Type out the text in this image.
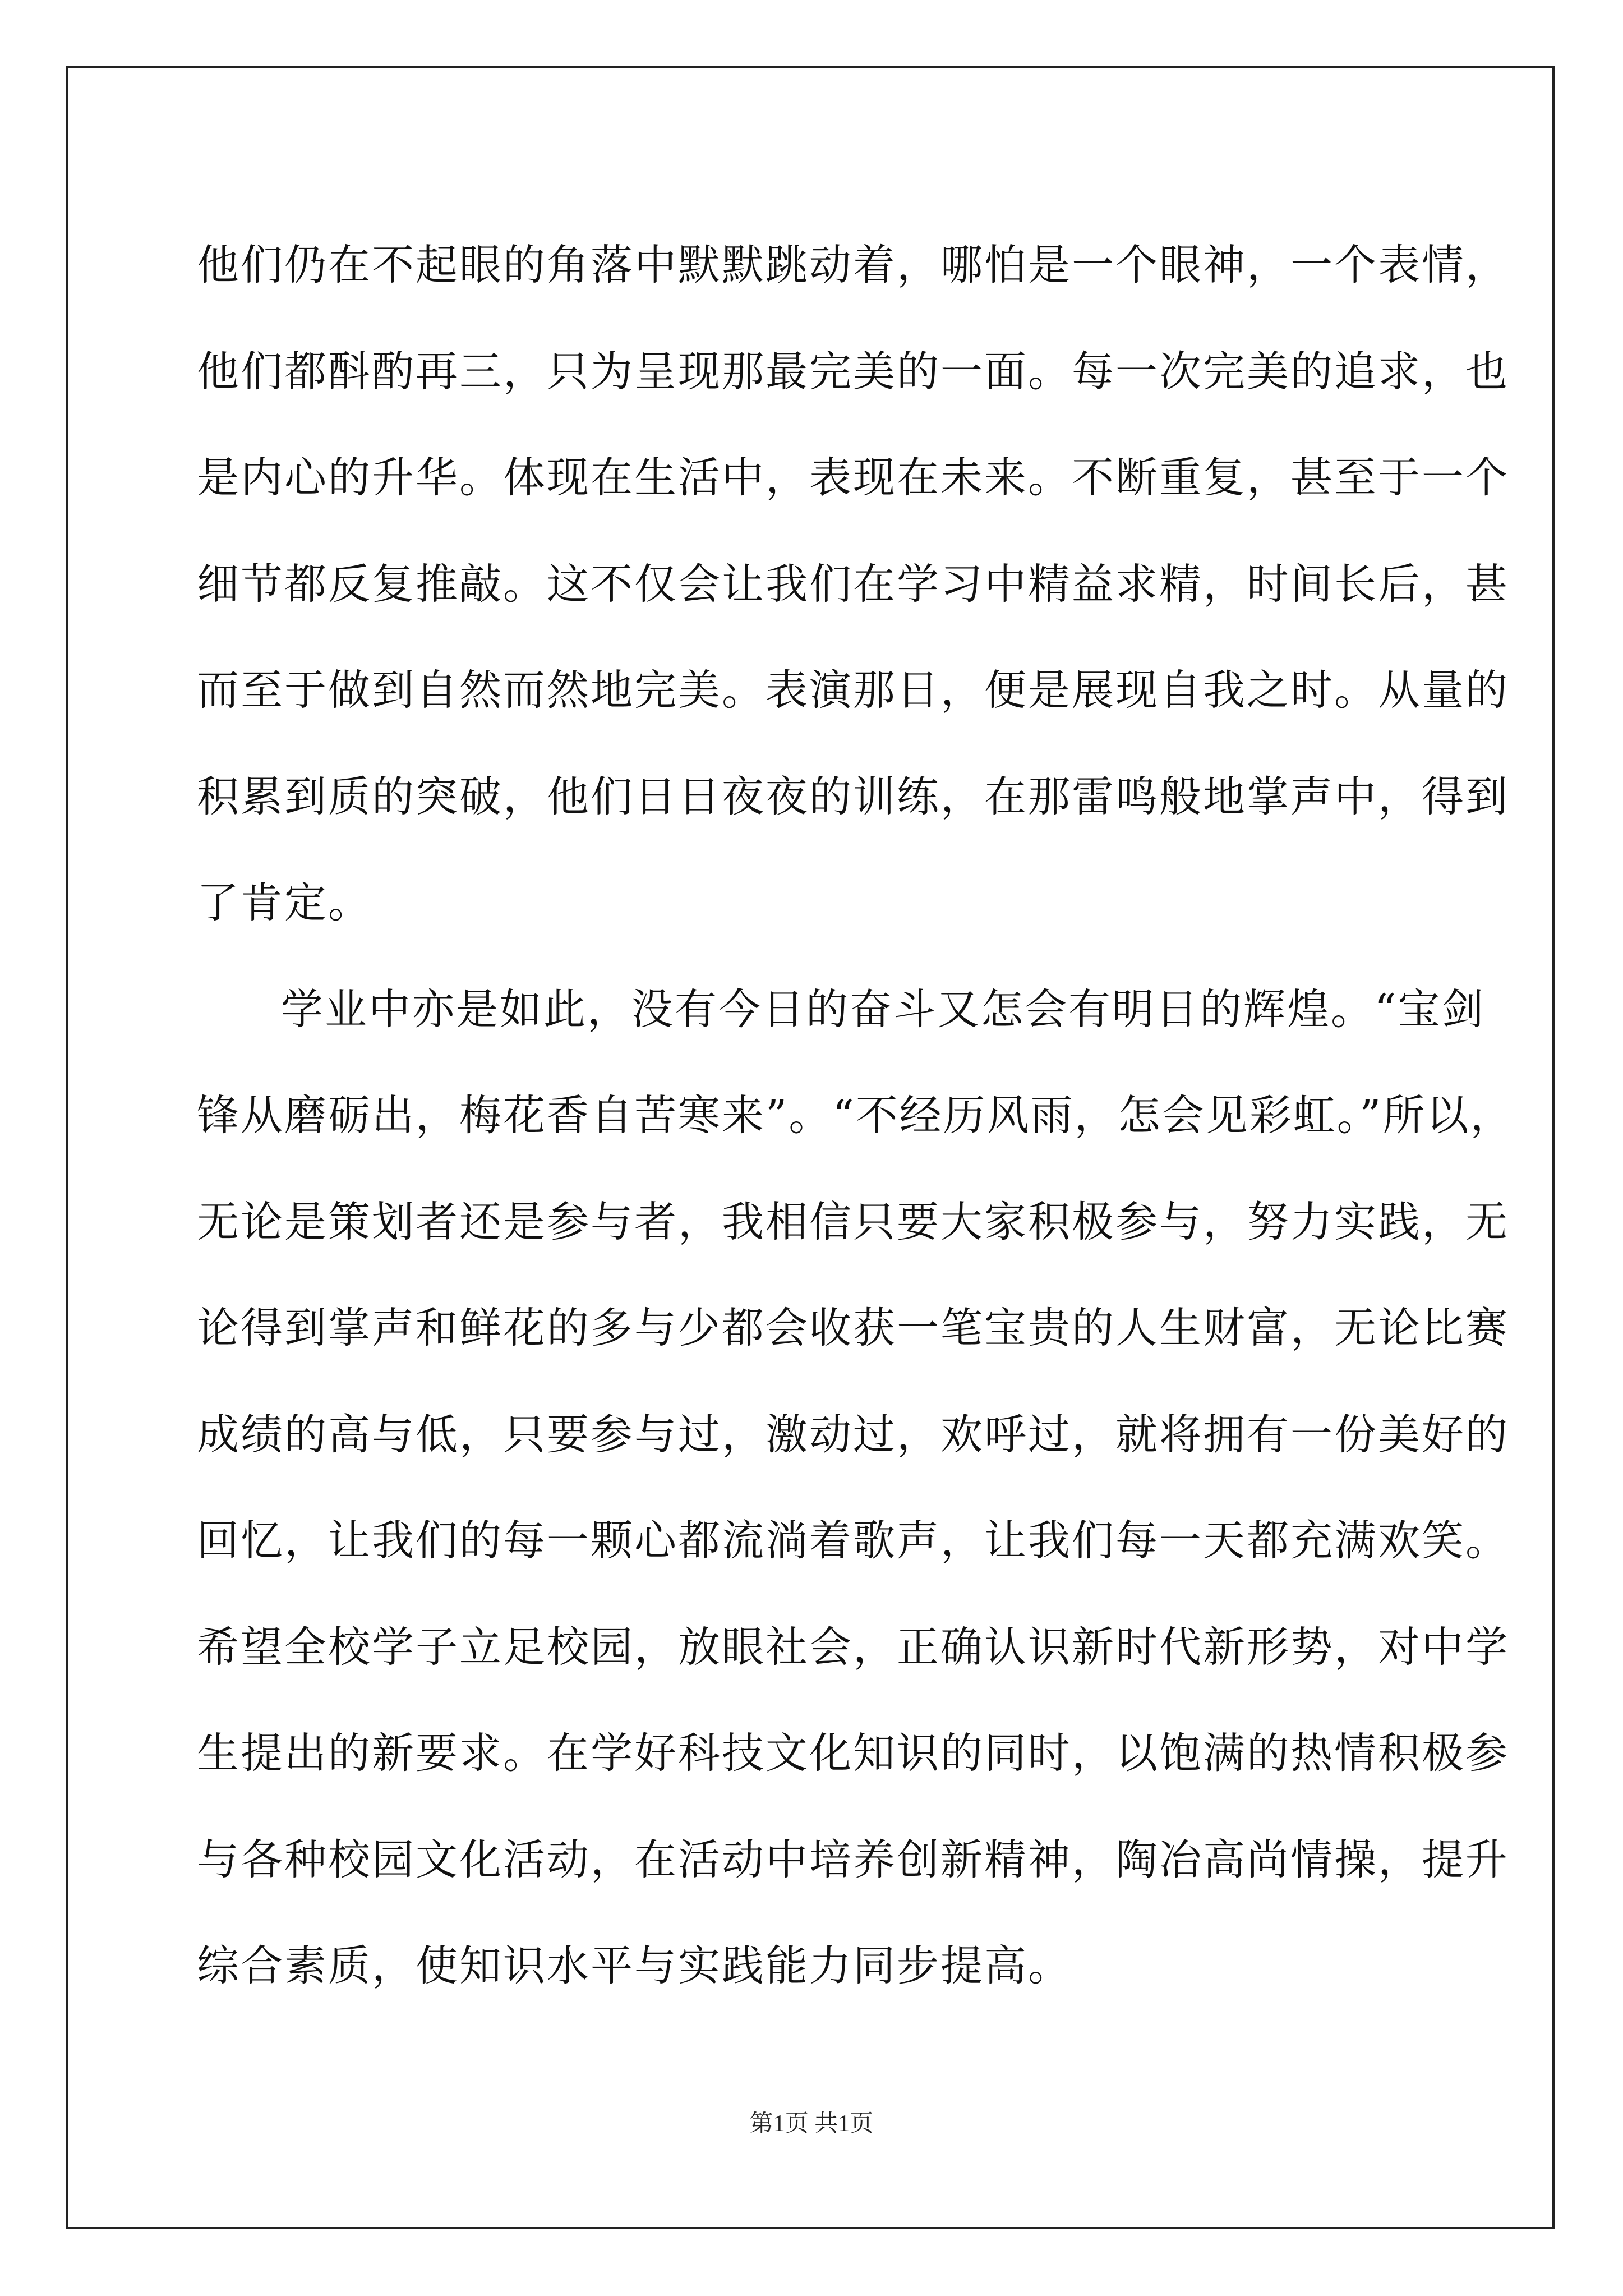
他们仍在不起眼的角落中默默跳动着，哪怕是一个眼神，一个表情，
他们都酙酌再三，只为呈现那最完美的一面。每一次完美的追求，也
是内心的升华。体现在生活中，表现在未来。不断重复，甚至于一个
细节都反复推敲。这不仅会让我们在学习中精益求精，时间长后，甚
而至于做到自然而然地完美。表演那日，便是展现自我之时。从量的
积累到质的突破，他们日日夜夜的训练，在那雷鸣般地掌声中，得到
了肯定。
学业中亦是如此，没有今日的奋斗又怎会有明日的辉煌。“宝剑
锋从磨砺出，梅花香自苦寒来”。“不经历风雨，怎会见彩虹。”所以，
无论是策划者还是参与者，我相信只要大家积极参与，努力实践，无
论得到掌声和鲜花的多与少都会收获一笔宝贵的人生财富，无论比赛
成绩的高与低，只要参与过，激动过，欢呼过，就将拥有一份美好的
回忆，让我们的每一颗心都流淌着歌声，让我们每一天都充满欢笑。
希望全校学子立足校园，放眼社会，正确认识新时代新形势，对中学
生提出的新要求。在学好科技文化知识的同时，以饱满的热情积极参
与各种校园文化活动，在活动中培养创新精神，陶冶高尚情操，提升
综合素质，使知识水平与实践能力同步提高。
第1页 共1页
